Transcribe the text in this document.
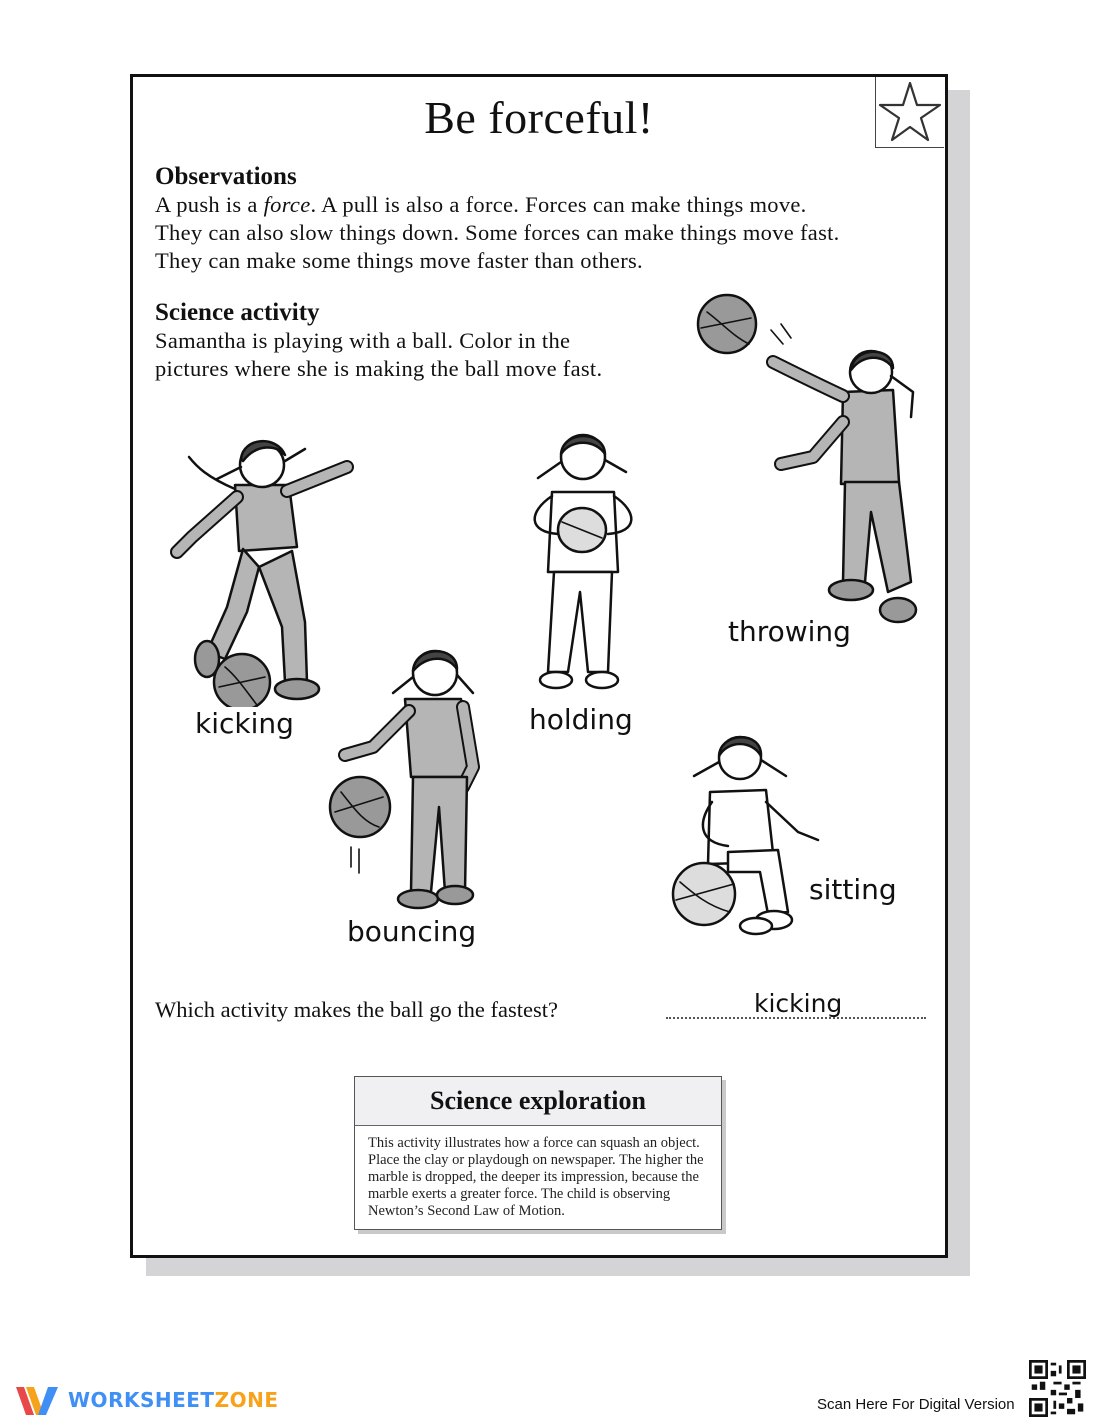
Be forceful!
Observations
A push is a force. A pull is also a force. Forces can make things move.
They can also slow things down. Some forces can make things move fast.
They can make some things move faster than others.
Science activity
Samantha is playing with a ball. Color in the
pictures where she is making the ball move fast.
kicking
bouncing
holding
throwing
sitting
Which activity makes the ball go the fastest?	kicking
Science exploration
This activity illustrates how a force can squash an object. Place the clay or playdough on newspaper. The higher the marble is dropped, the deeper its impression, because the marble exerts a greater force. The child is observing Newton’s Second Law of Motion.
WORKSHEETZONE	Scan Here For Digital Version
